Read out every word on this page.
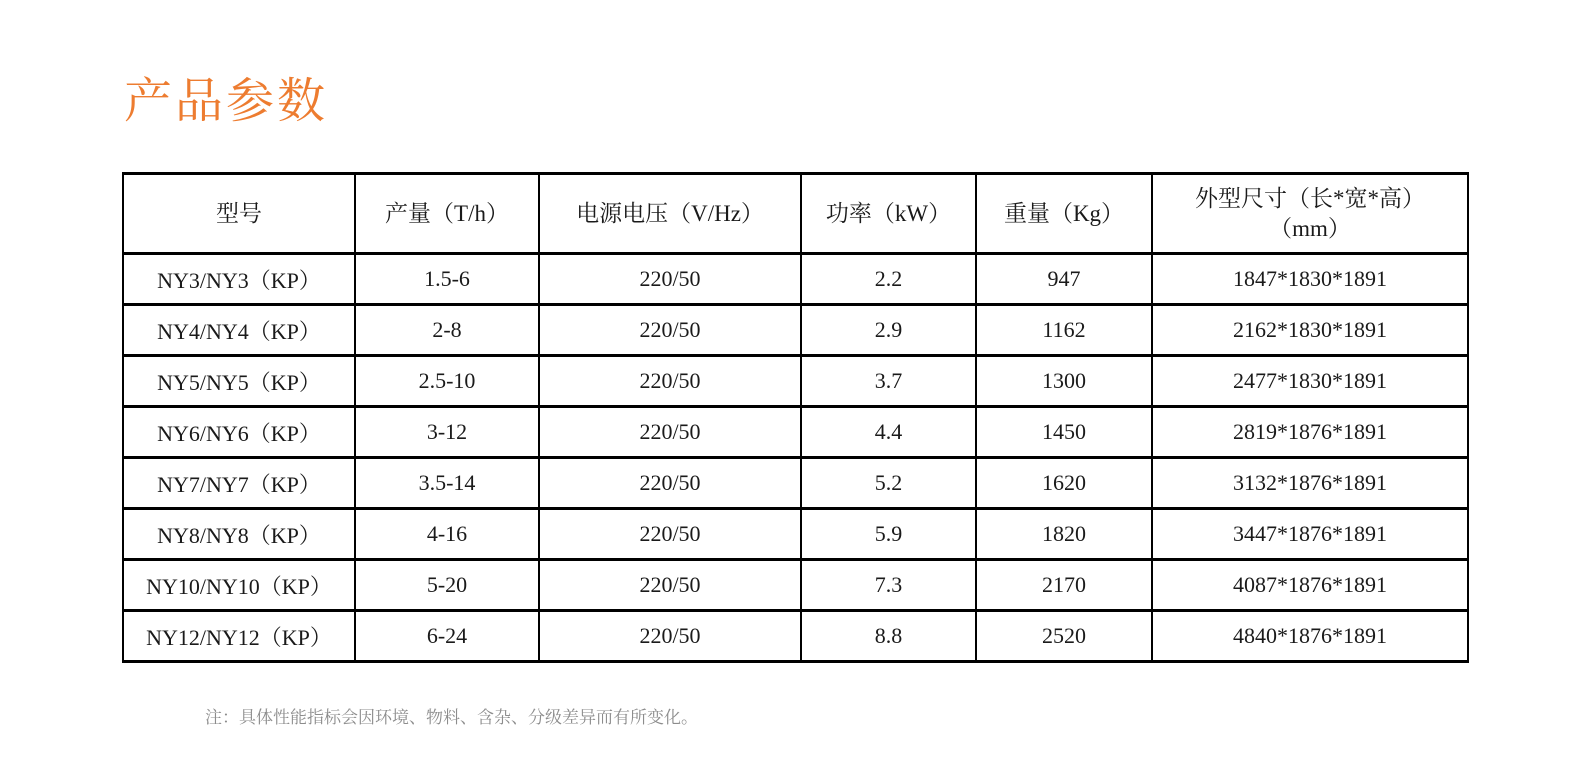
产品参数
型号	产量（T/h）	电源电压（V/Hz）	功率（kW）	重量（Kg）	外型尺寸（长*宽*高）
（mm）

NY3/NY3（KP）	1.5-6	220/50	2.2	947	1847*1830*1891
NY4/NY4（KP）	2-8	220/50	2.9	1162	2162*1830*1891
NY5/NY5（KP）	2.5-10	220/50	3.7	1300	2477*1830*1891
NY6/NY6（KP）	3-12	220/50	4.4	1450	2819*1876*1891
NY7/NY7（KP）	3.5-14	220/50	5.2	1620	3132*1876*1891
NY8/NY8（KP）	4-16	220/50	5.9	1820	3447*1876*1891
NY10/NY10（KP）	5-20	220/50	7.3	2170	4087*1876*1891
NY12/NY12（KP）	6-24	220/50	8.8	2520	4840*1876*1891

注：具体性能指标会因环境、物料、含杂、分级差异而有所变化。
